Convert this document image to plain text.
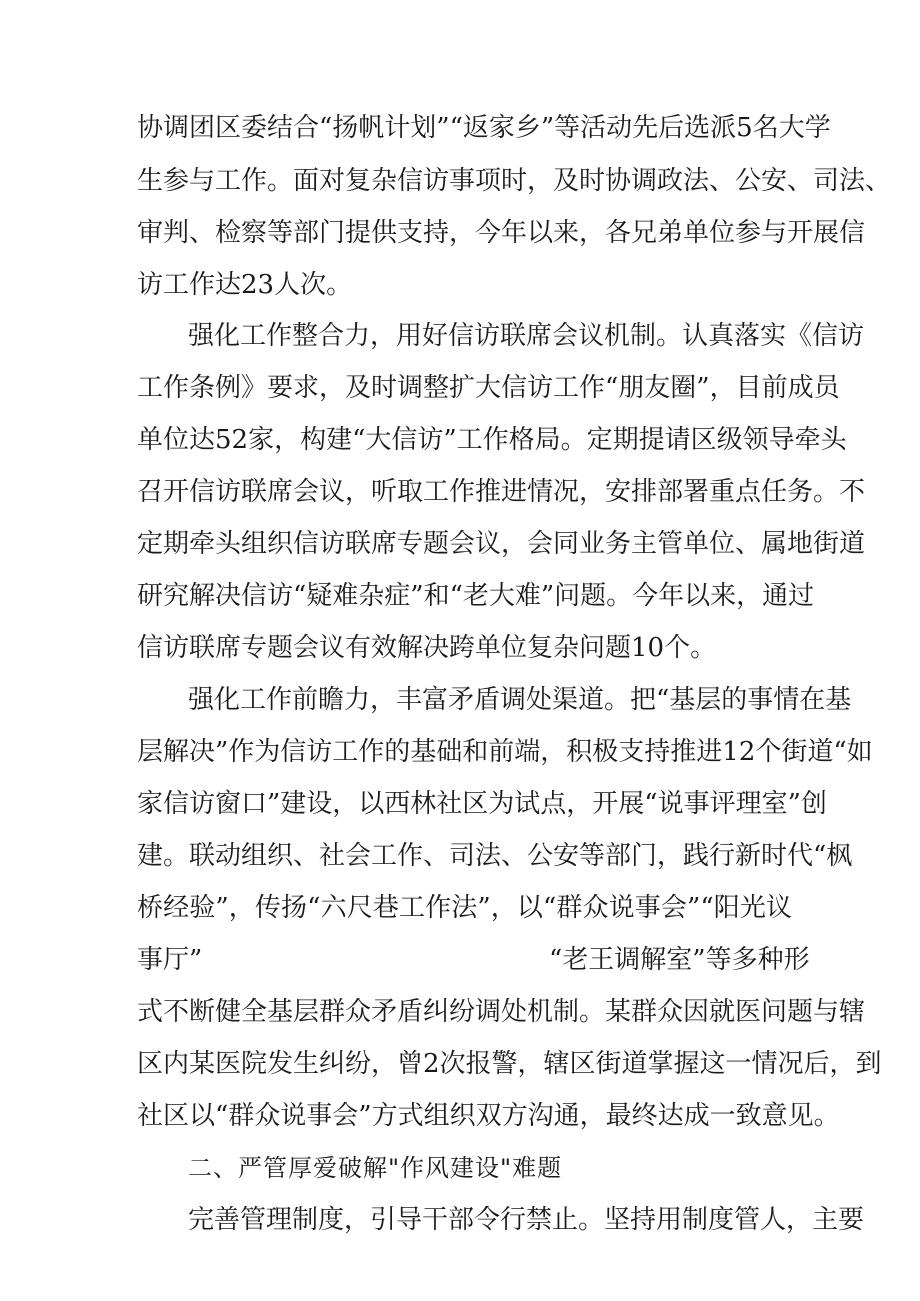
协调团区委结合“扬帆计划”“返家乡”等活动先后选派5名大学
生参与工作。面对复杂信访事项时，及时协调政法、公安、司法、
审判、检察等部门提供支持，今年以来，各兄弟单位参与开展信
访工作达23人次。
强化工作整合力，用好信访联席会议机制。认真落实《信访
工作条例》要求，及时调整扩大信访工作“朋友圈”，目前成员
单位达52家，构建“大信访”工作格局。定期提请区级领导牵头
召开信访联席会议，听取工作推进情况，安排部署重点任务。不
定期牵头组织信访联席专题会议，会同业务主管单位、属地街道
研究解决信访“疑难杂症”和“老大难”问题。今年以来，通过
信访联席专题会议有效解决跨单位复杂问题10个。
强化工作前瞻力，丰富矛盾调处渠道。把“基层的事情在基
层解决”作为信访工作的基础和前端，积极支持推进12个街道“如
家信访窗口”建设，以西林社区为试点，开展“说事评理室”创
建。联动组织、社会工作、司法、公安等部门，践行新时代“枫
桥经验”，传扬“六尺巷工作法”，以“群众说事会”“阳光议
事厅”	“老王调解室”等多种形
式不断健全基层群众矛盾纠纷调处机制。某群众因就医问题与辖
区内某医院发生纠纷，曾2次报警，辖区街道掌握这一情况后，到
社区以“群众说事会”方式组织双方沟通，最终达成一致意见。
二、严管厚爱破解"作风建设"难题
完善管理制度，引导干部令行禁止。坚持用制度管人，主要
